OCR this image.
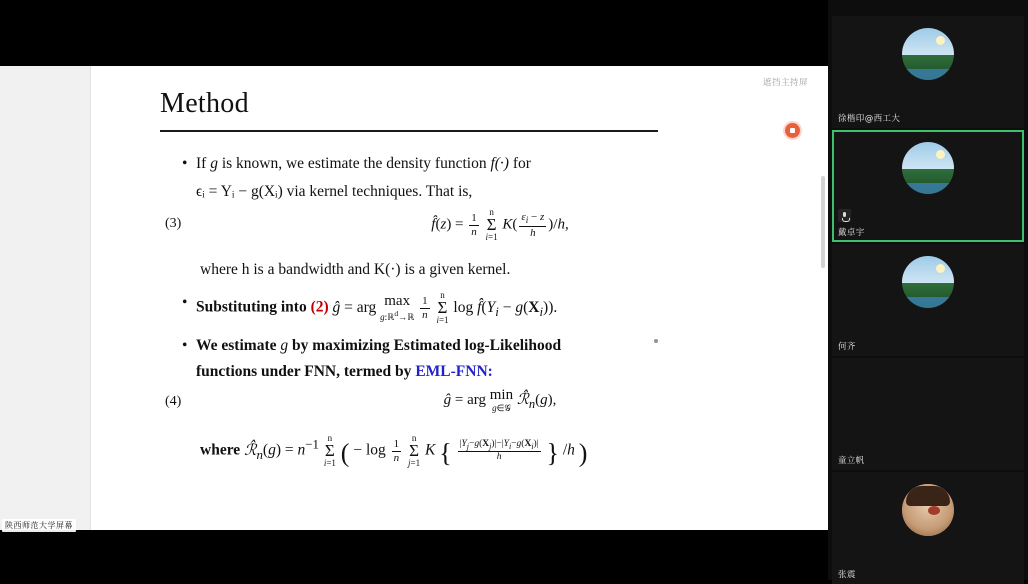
遮挡主持屏
Method
• If g is known, we estimate the density function f(·) for
ϵᵢ = Yᵢ − g(Xᵢ) via kernel techniques. That is,
(3)	f̂(z) = $\frac{1}{n}$
	n
Σ
i=1
$K( \frac{\varepsilon_i - z}{h} )/h$,
where h is a bandwidth and K(·) is a given kernel.
• Substituting into (2) ĝ = arg max
g:ℝ$^d$→ℝ
$\frac{1}{n}$
	n
Σ
i=1
$\log f̂(Y_i - g(X_i))$.
• We estimate g by maximizing Estimated log-Likelihood
functions under FNN, termed by EML-FNN:
(4)	ĝ = arg min
g∈𝒢 $ℛ̂_n(g)$,
where $ℛ̂_n(g) = n^{-1}$ n
Σ
i=1 ( − $\log \frac{1}{n}$
	n
Σ
j=1
K { $\frac{|Y_j-g(X_j)|-|Y_i-g(X_i)|}{h}$ } /h )
陕西师范大学屏幕
徐楷印@西工大
戴卓宇
何齐
童立帆
张震
